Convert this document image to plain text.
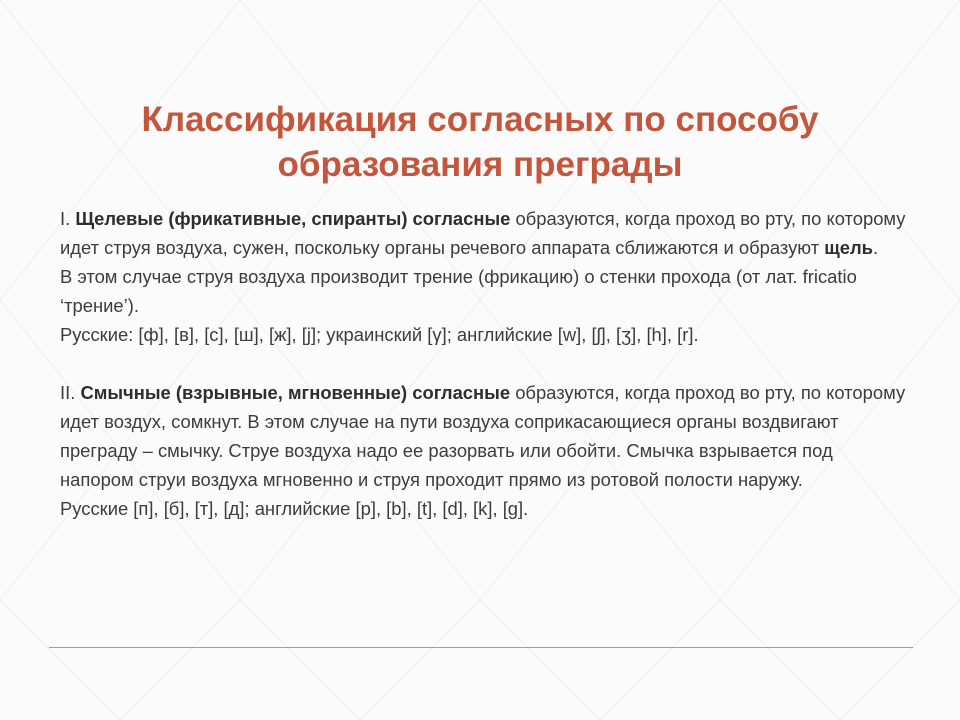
Классификация согласных по способу образования преграды

I. Щелевые (фрикативные, спиранты) согласные образуются, когда проход во рту, по которому идет струя воздуха, сужен, поскольку органы речевого аппарата сближаются и образуют щель.

В этом случае струя воздуха производит трение (фрикацию) о стенки прохода (от лат. fricatio ‘трение’).

Русские: [ф], [в], [с], [ш], [ж], [j]; украинский [γ]; английские [w], [ʃ], [ʒ], [h], [r].

II. Смычные (взрывные, мгновенные) согласные образуются, когда проход во рту, по которому идет воздух, сомкнут. В этом случае на пути воздуха соприкасающиеся органы воздвигают преграду – смычку. Струе воздуха надо ее разорвать или обойти. Смычка взрывается под напором струи воздуха мгновенно и струя проходит прямо из ротовой полости наружу.

Русские [п], [б], [т], [д]; английские [p], [b], [t], [d], [k], [g].
